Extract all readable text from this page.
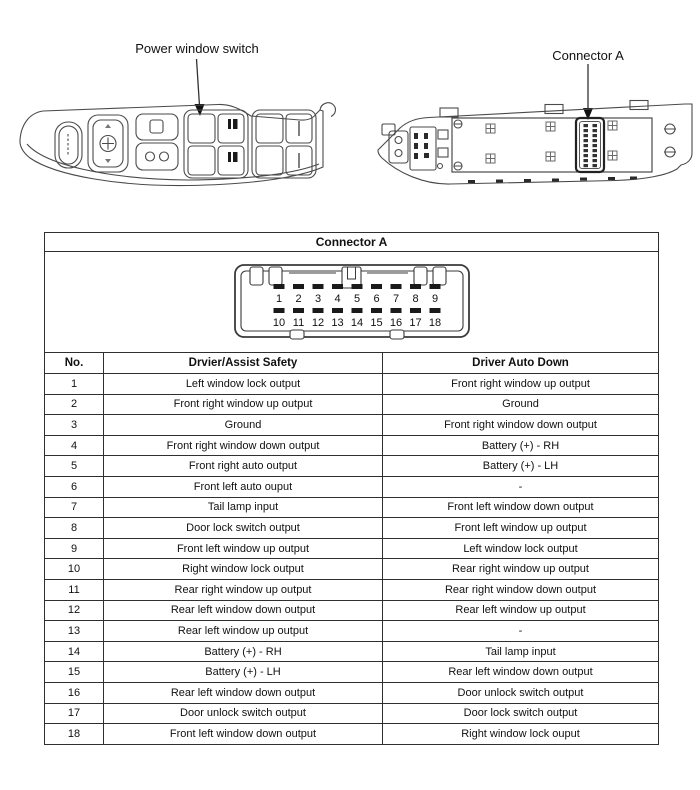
Power window switch	Connector A
Connector A		

1 2 3 4 5 6 7 8 9
10 11 12 13 14 15 16 17 18

No.	Drvier/Assist Safety	Driver Auto Down
1	Left window lock output	Front right window up output
2	Front right window up output	Ground
3	Ground	Front right window down output
4	Front right window down output	Battery (+) - RH
5	Front right auto output	Battery (+) - LH
6	Front left auto ouput	-
7	Tail lamp input	Front left window down output
8	Door lock switch output	Front left window up output
9	Front left window up output	Left window lock output
10	Right window lock output	Rear right window up output
11	Rear right window up output	Rear right window down output
12	Rear left window down output	Rear left window up output
13	Rear left window up output	-
14	Battery (+) - RH	Tail lamp input
15	Battery (+) - LH	Rear left window down output
16	Rear left window down output	Door unlock switch output
17	Door unlock switch output	Door lock switch output
18	Front left window down output	Right window lock ouput
